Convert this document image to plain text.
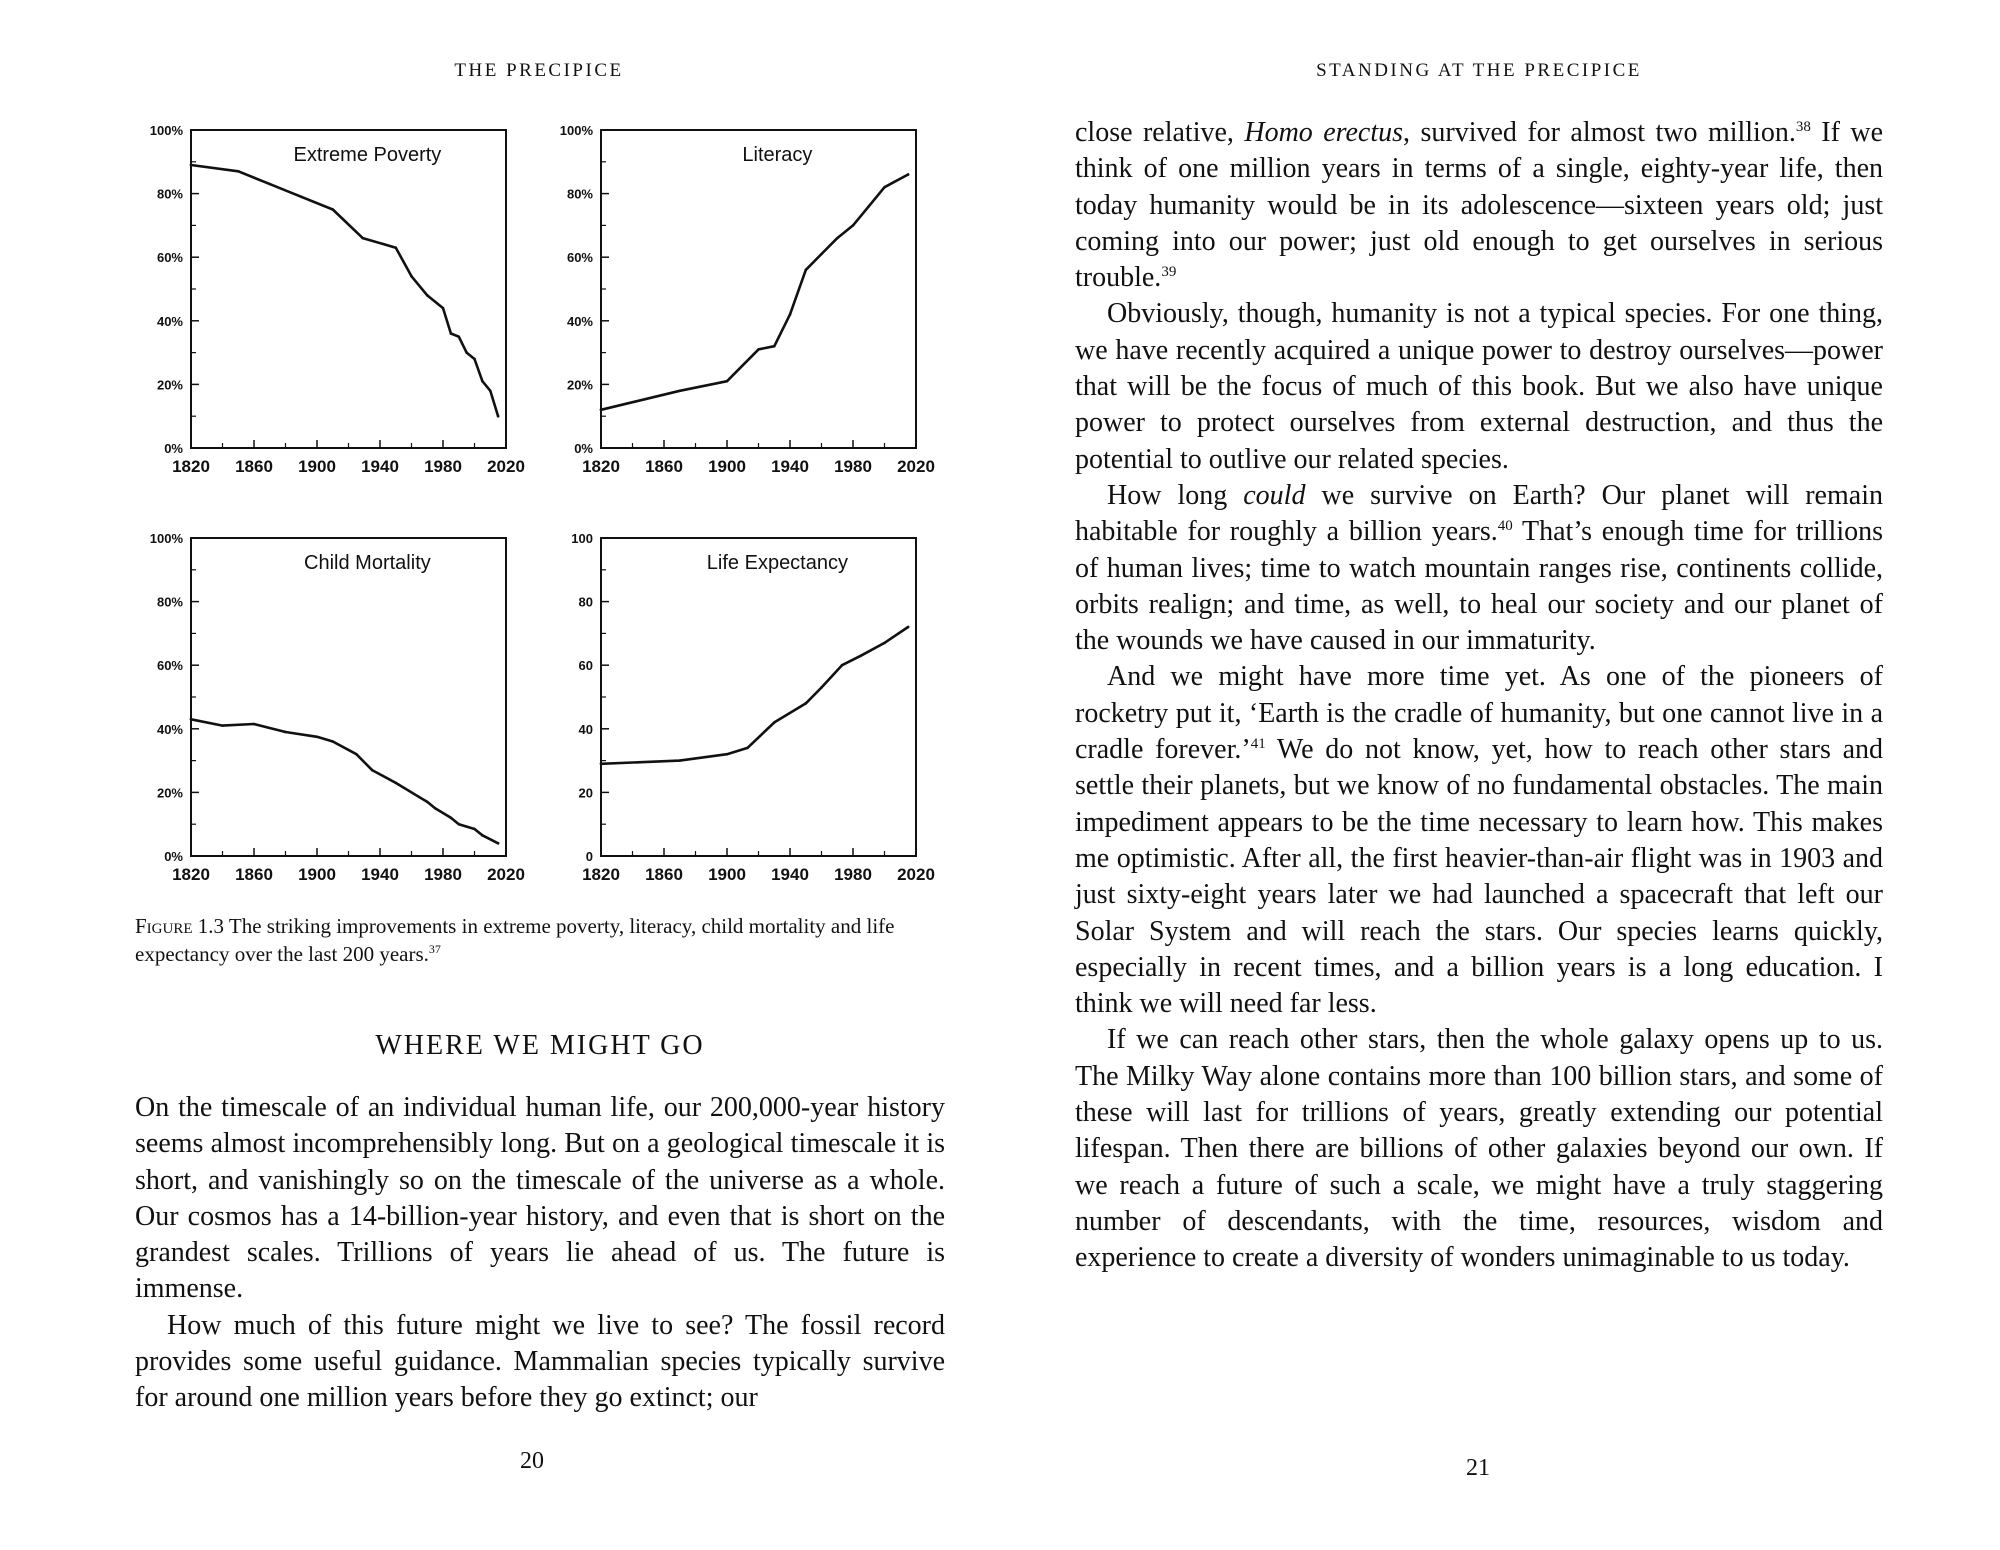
THE PRECIPICE
0%
20%
40%
60%
80%
100%
1820 1860 1900 1940 1980 2020
Extreme Poverty
0%
20%
40%
60%
80%
100%
1820 1860 1900 1940 1980 2020
Literacy
0%
20%
40%
60%
80%
100%
1820 1860 1900 1940 1980 2020
Child Mortality
0
20
40
60
80
100
1820 1860 1900 1940 1980 2020
Life Expectancy
Figure 1.3 The striking improvements in extreme poverty, literacy, child mortality and life expectancy over the last 200 years.$^{37}$
WHERE WE MIGHT GO

On the timescale of an individual human life, our 200,000-year history seems almost incomprehensibly long. But on a geological timescale it is short, and vanishingly so on the timescale of the universe as a whole. Our cosmos has a 14-billion-year history, and even that is short on the grandest scales. Trillions of years lie ahead of us. The future is immense.

How much of this future might we live to see? The fossil record provides some useful guidance. Mammalian species typically survive for around one million years before they go extinct; our

20
STANDING AT THE PRECIPICE

close relative, Homo erectus, survived for almost two million.$^{38}$ If we think of one million years in terms of a single, eighty-year life, then today humanity would be in its adolescence—sixteen years old; just coming into our power; just old enough to get ourselves in serious trouble.$^{39}$

Obviously, though, humanity is not a typical species. For one thing, we have recently acquired a unique power to destroy ourselves—power that will be the focus of much of this book. But we also have unique power to protect ourselves from external destruction, and thus the potential to outlive our related species.

How long could we survive on Earth? Our planet will remain habitable for roughly a billion years.$^{40}$ That’s enough time for trillions of human lives; time to watch mountain ranges rise, continents collide, orbits realign; and time, as well, to heal our society and our planet of the wounds we have caused in our immaturity.

And we might have more time yet. As one of the pioneers of rocketry put it, ‘Earth is the cradle of humanity, but one cannot live in a cradle forever.’$^{41}$ We do not know, yet, how to reach other stars and settle their planets, but we know of no fundamental obstacles. The main impediment appears to be the time necessary to learn how. This makes me optimistic. After all, the first heavier-than-air flight was in 1903 and just sixty-eight years later we had launched a spacecraft that left our Solar System and will reach the stars. Our species learns quickly, especially in recent times, and a billion years is a long education. I think we will need far less.

If we can reach other stars, then the whole galaxy opens up to us. The Milky Way alone contains more than 100 billion stars, and some of these will last for trillions of years, greatly extending our potential lifespan. Then there are billions of other galaxies beyond our own. If we reach a future of such a scale, we might have a truly staggering number of descendants, with the time, resources, wisdom and experience to create a diversity of wonders unimaginable to us today.

21
